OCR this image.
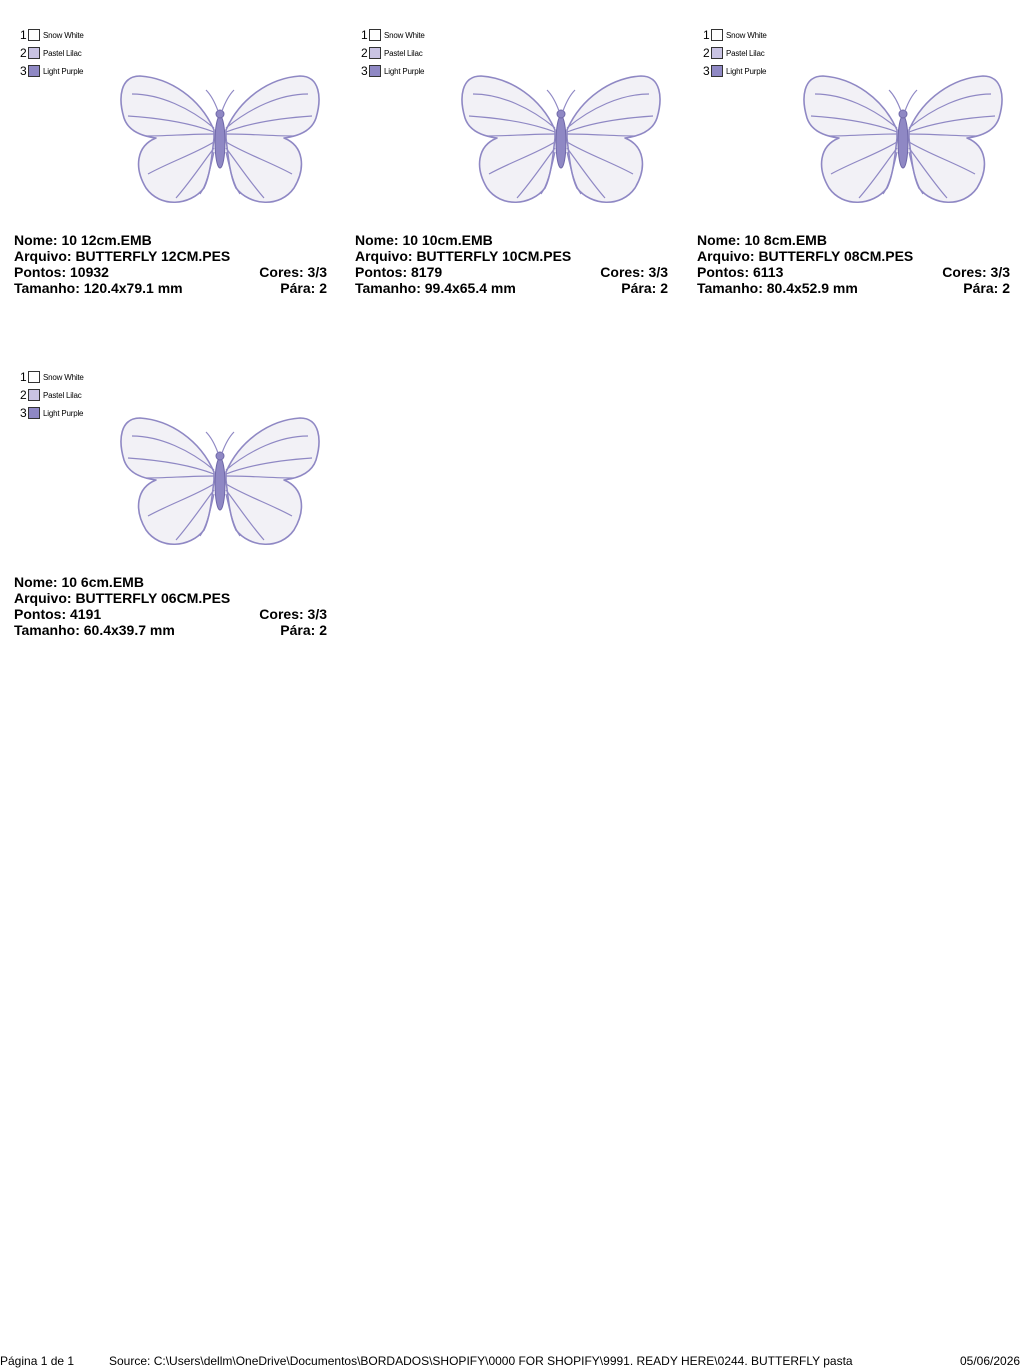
1 Snow White
2 Pastel Lilac
3 Light Purple
Nome: 10 12cm.EMB
Arquivo: BUTTERFLY 12CM.PES
Pontos: 10932	Cores: 3/3
Tamanho: 120.4x79.1 mm	Pára: 2
1 Snow White
2 Pastel Lilac
3 Light Purple
Nome: 10 10cm.EMB
Arquivo: BUTTERFLY 10CM.PES
Pontos: 8179	Cores: 3/3
Tamanho: 99.4x65.4 mm	Pára: 2
1 Snow White
2 Pastel Lilac
3 Light Purple
Nome: 10 8cm.EMB
Arquivo: BUTTERFLY 08CM.PES
Pontos: 6113	Cores: 3/3
Tamanho: 80.4x52.9 mm	Pára: 2
1 Snow White
2 Pastel Lilac
3 Light Purple
Nome: 10 6cm.EMB
Arquivo: BUTTERFLY 06CM.PES
Pontos: 4191	Cores: 3/3
Tamanho: 60.4x39.7 mm	Pára: 2
Página 1 de 1	Source: C:\Users\dellm\OneDrive\Documentos\BORDADOS\SHOPIFY\0000 FOR SHOPIFY\9991. READY HERE\0244. BUTTERFLY pasta	05/06/2026
